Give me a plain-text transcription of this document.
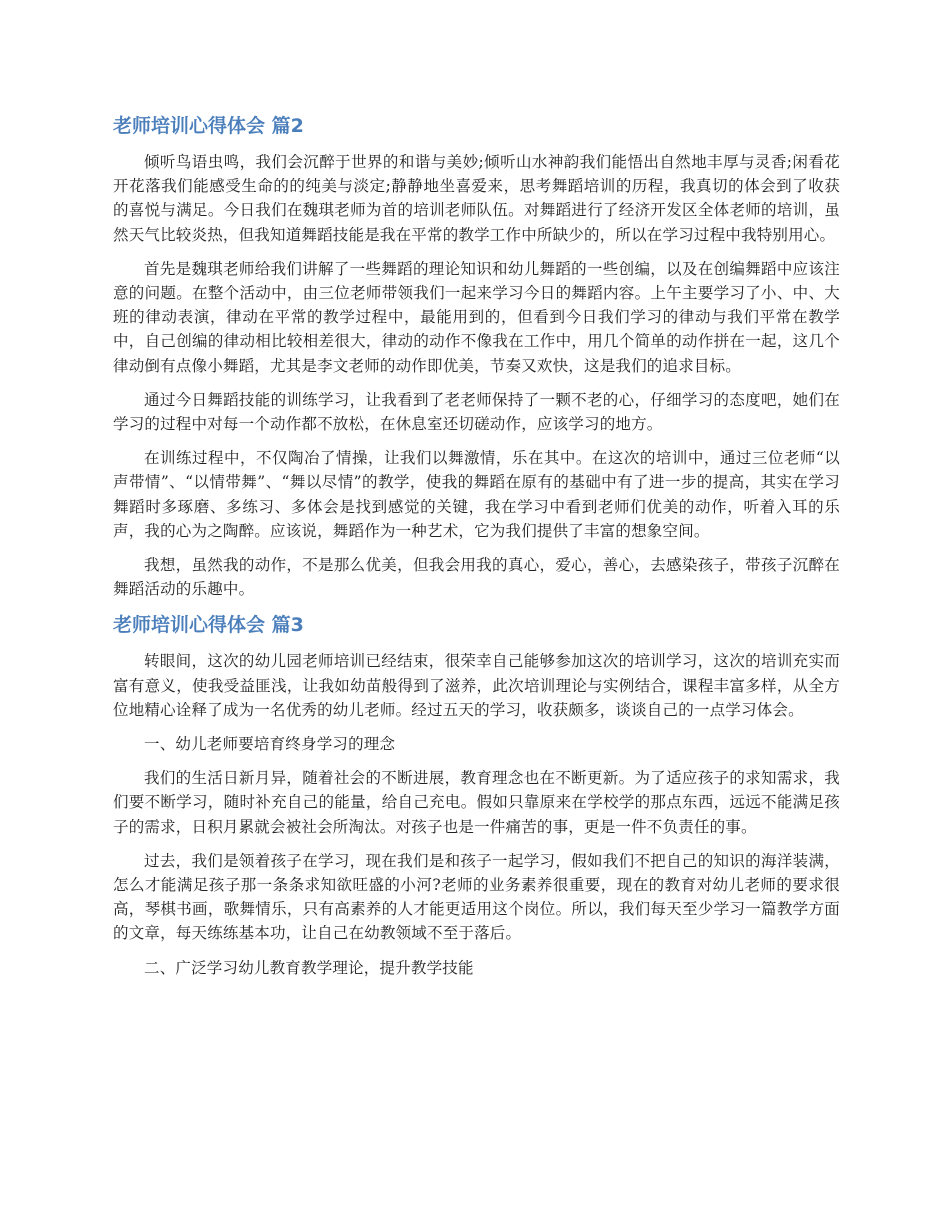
老师培训心得体会 篇2

倾听鸟语虫鸣，我们会沉醉于世界的和谐与美妙;倾听山水神韵我们能悟出自然地丰厚与灵香;闲看花开花落我们能感受生命的的纯美与淡定;静静地坐喜爱来，思考舞蹈培训的历程，我真切的体会到了收获的喜悦与满足。今日我们在魏琪老师为首的培训老师队伍。对舞蹈进行了经济开发区全体老师的培训，虽然天气比较炎热，但我知道舞蹈技能是我在平常的教学工作中所缺少的，所以在学习过程中我特别用心。

首先是魏琪老师给我们讲解了一些舞蹈的理论知识和幼儿舞蹈的一些创编，以及在创编舞蹈中应该注意的问题。在整个活动中，由三位老师带领我们一起来学习今日的舞蹈内容。上午主要学习了小、中、大班的律动表演，律动在平常的教学过程中，最能用到的，但看到今日我们学习的律动与我们平常在教学中，自己创编的律动相比较相差很大，律动的动作不像我在工作中，用几个简单的动作拼在一起，这几个律动倒有点像小舞蹈，尤其是李文老师的动作即优美，节奏又欢快，这是我们的追求目标。

通过今日舞蹈技能的训练学习，让我看到了老老师保持了一颗不老的心，仔细学习的态度吧，她们在学习的过程中对每一个动作都不放松，在休息室还切磋动作，应该学习的地方。

在训练过程中，不仅陶冶了情操，让我们以舞激情，乐在其中。在这次的培训中，通过三位老师“以声带情”、“以情带舞”、“舞以尽情”的教学，使我的舞蹈在原有的基础中有了进一步的提高，其实在学习舞蹈时多琢磨、多练习、多体会是找到感觉的关键，我在学习中看到老师们优美的动作，听着入耳的乐声，我的心为之陶醉。应该说，舞蹈作为一种艺术，它为我们提供了丰富的想象空间。

我想，虽然我的动作，不是那么优美，但我会用我的真心，爱心，善心，去感染孩子，带孩子沉醉在舞蹈活动的乐趣中。

老师培训心得体会 篇3

转眼间，这次的幼儿园老师培训已经结束，很荣幸自己能够参加这次的培训学习，这次的培训充实而富有意义，使我受益匪浅，让我如幼苗般得到了滋养，此次培训理论与实例结合，课程丰富多样，从全方位地精心诠释了成为一名优秀的幼儿老师。经过五天的学习，收获颇多，谈谈自己的一点学习体会。

一、幼儿老师要培育终身学习的理念

我们的生活日新月异，随着社会的不断进展，教育理念也在不断更新。为了适应孩子的求知需求，我们要不断学习，随时补充自己的能量，给自己充电。假如只靠原来在学校学的那点东西，远远不能满足孩子的需求，日积月累就会被社会所淘汰。对孩子也是一件痛苦的事，更是一件不负责任的事。

过去，我们是领着孩子在学习，现在我们是和孩子一起学习，假如我们不把自己的知识的海洋装满，怎么才能满足孩子那一条条求知欲旺盛的小河?老师的业务素养很重要，现在的教育对幼儿老师的要求很高，琴棋书画，歌舞情乐，只有高素养的人才能更适用这个岗位。所以，我们每天至少学习一篇教学方面的文章，每天练练基本功，让自己在幼教领域不至于落后。

二、广泛学习幼儿教育教学理论，提升教学技能
